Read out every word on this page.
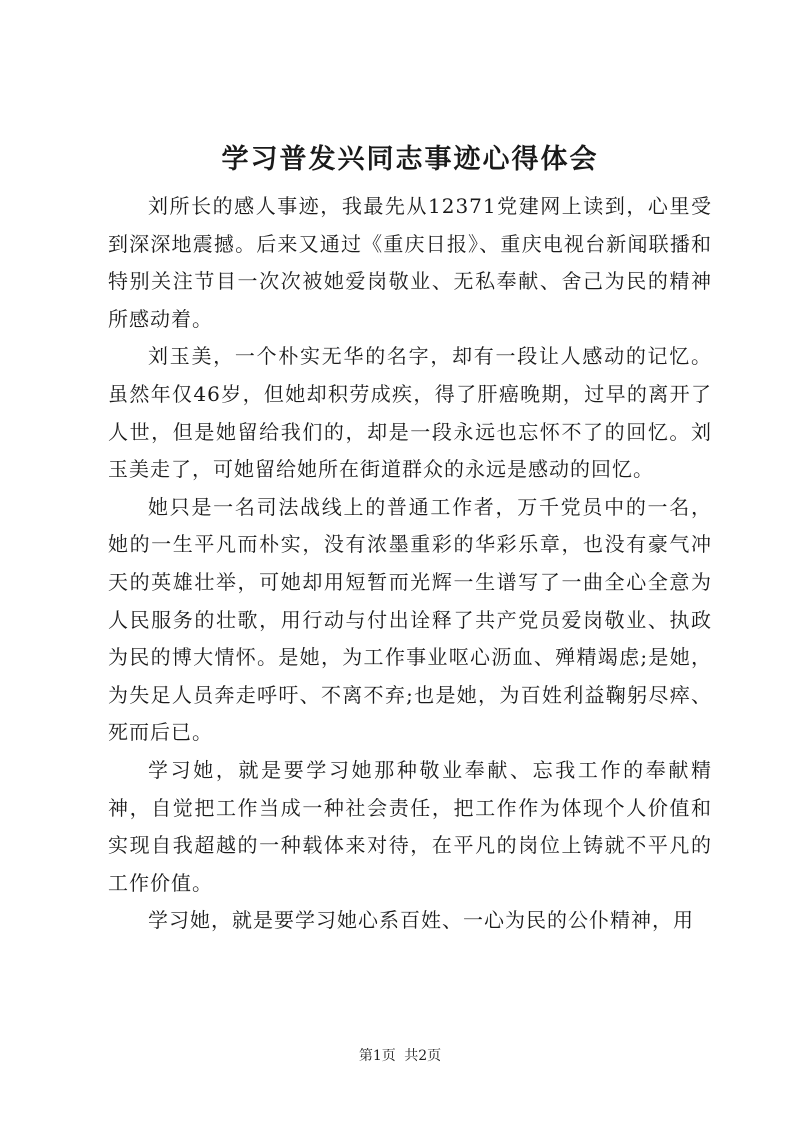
学习普发兴同志事迹心得体会

刘所长的感人事迹，我最先从12371党建网上读到，心里受到深深地震撼。后来又通过《重庆日报》、重庆电视台新闻联播和特别关注节目一次次被她爱岗敬业、无私奉献、舍己为民的精神所感动着。

刘玉美，一个朴实无华的名字，却有一段让人感动的记忆。虽然年仅46岁，但她却积劳成疾，得了肝癌晚期，过早的离开了人世，但是她留给我们的，却是一段永远也忘怀不了的回忆。刘玉美走了，可她留给她所在街道群众的永远是感动的回忆。

她只是一名司法战线上的普通工作者，万千党员中的一名，她的一生平凡而朴实，没有浓墨重彩的华彩乐章，也没有豪气冲天的英雄壮举，可她却用短暂而光辉一生谱写了一曲全心全意为人民服务的壮歌，用行动与付出诠释了共产党员爱岗敬业、执政为民的博大情怀。是她，为工作事业呕心沥血、殚精竭虑;是她，为失足人员奔走呼吁、不离不弃;也是她，为百姓利益鞠躬尽瘁、死而后已。

学习她，就是要学习她那种敬业奉献、忘我工作的奉献精神，自觉把工作当成一种社会责任，把工作作为体现个人价值和实现自我超越的一种载体来对待，在平凡的岗位上铸就不平凡的工作价值。

学习她，就是要学习她心系百姓、一心为民的公仆精神，用

第1页 共2页
